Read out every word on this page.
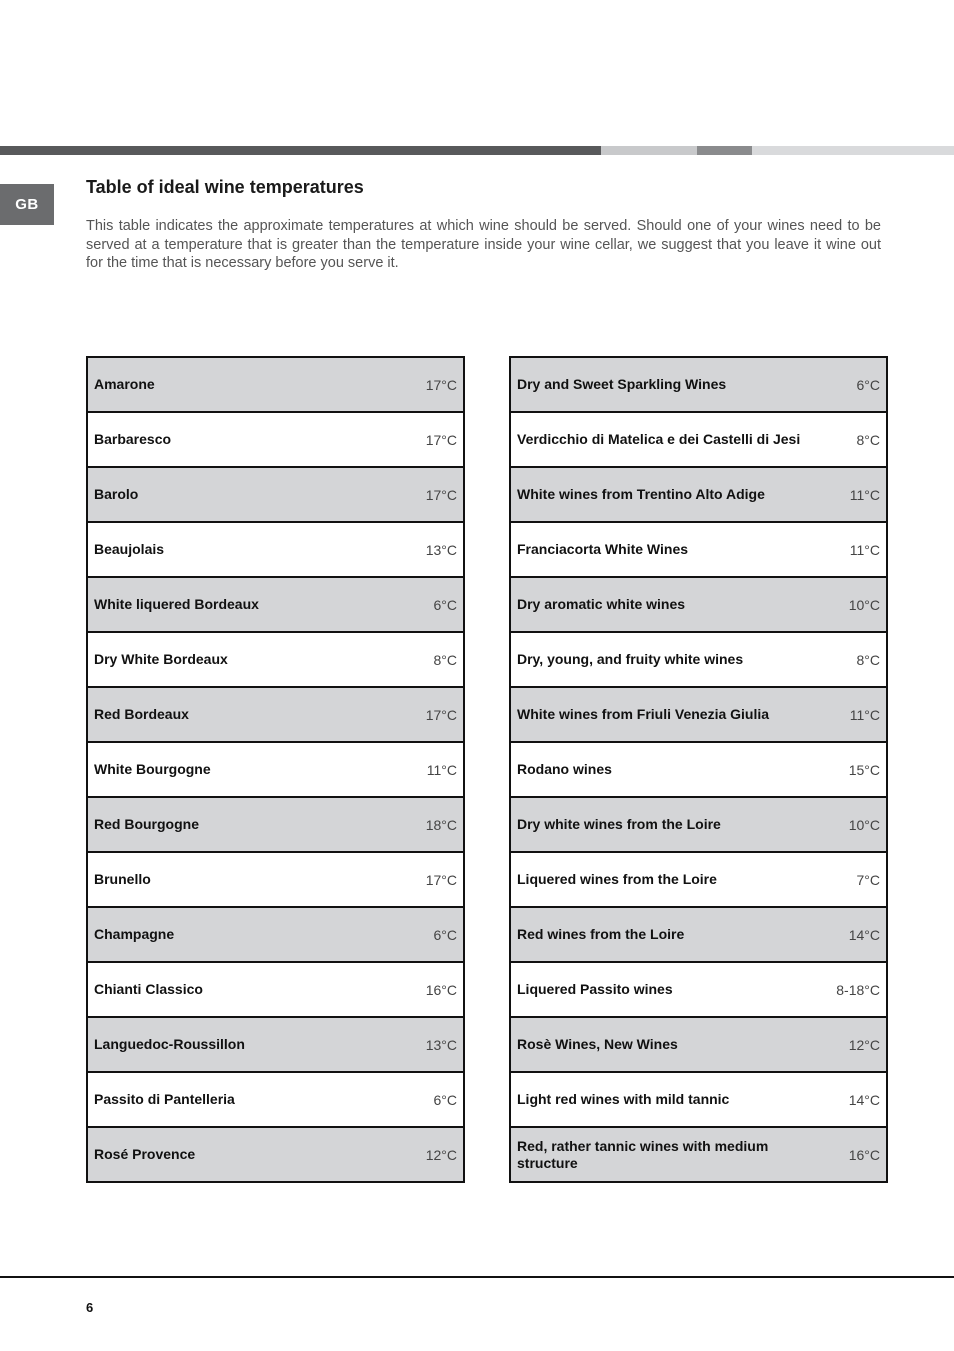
GB
Table of ideal wine temperatures

This table indicates the approximate temperatures at which wine should be served. Should one of your wines need to be served at a temperature that is greater than the temperature inside your wine cellar, we suggest that you leave it wine out for the time that is necessary before you serve it.

Amarone	17°C
Barbaresco	17°C
Barolo	17°C
Beaujolais	13°C
White liquered Bordeaux	6°C
Dry White Bordeaux	8°C
Red Bordeaux	17°C
White Bourgogne	11°C
Red Bourgogne	18°C
Brunello	17°C
Champagne	6°C
Chianti Classico	16°C
Languedoc-Roussillon	13°C
Passito di Pantelleria	6°C
Rosé Provence	12°C
Dry and Sweet Sparkling Wines	6°C
Verdicchio di Matelica e dei Castelli di Jesi	8°C
White wines from Trentino Alto Adige	11°C
Franciacorta White Wines	11°C
Dry aromatic white wines	10°C
Dry, young, and fruity white wines	8°C
White wines from Friuli Venezia Giulia	11°C
Rodano wines	15°C
Dry white wines from the Loire	10°C
Liquered wines from the Loire	7°C
Red wines from the Loire	14°C
Liquered Passito wines	8-18°C
Rosè Wines, New Wines	12°C
Light red wines with mild tannic	14°C
Red, rather tannic wines with medium structure	16°C
6
